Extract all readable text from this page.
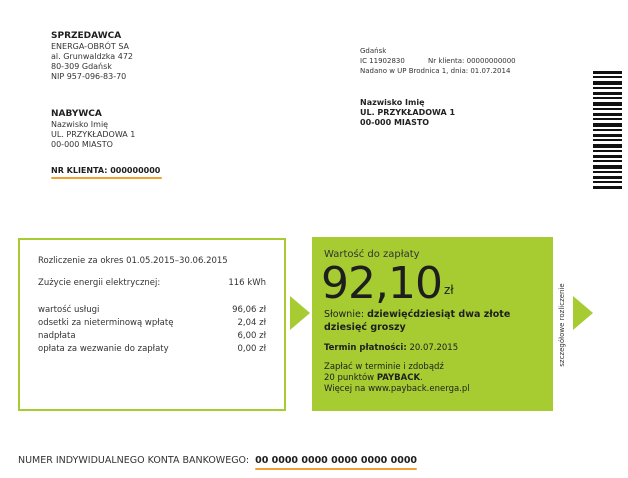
SPRZEDAWCA
ENERGA-OBRÓT SA
al. Grunwaldzka 472
80-309 Gdańsk
NIP 957-096-83-70
NABYWCA
Nazwisko Imię
UL. PRZYKŁADOWA 1
00-000 MIASTO
NR KLIENTA: 000000000
Gdańsk
IC 11902830	Nr klienta: 00000000000
Nadano w UP Brodnica 1, dnia: 01.07.2014
Nazwisko Imię
UL. PRZYKŁADOWA 1
00-000 MIASTO
Rozliczenie za okres 01.05.2015–30.06.2015
Zużycie energii elektrycznej:	116 kWh
wartość usługi	96,06 zł
odsetki za nieterminową wpłatę	2,04 zł
nadpłata	6,00 zł
opłata za wezwanie do zapłaty	0,00 zł
Wartość do zapłaty
92,10 zł
Słownie: dziewięćdziesiąt dwa złote
dziesięć groszy
Termin płatności: 20.07.2015
Zapłać w terminie i zdobądź
20 punktów PAYBACK.
Więcej na www.payback.energa.pl
szczegółowe rozliczenie
NUMER INDYWIDUALNEGO KONTA BANKOWEGO: 00 0000 0000 0000 0000 0000
